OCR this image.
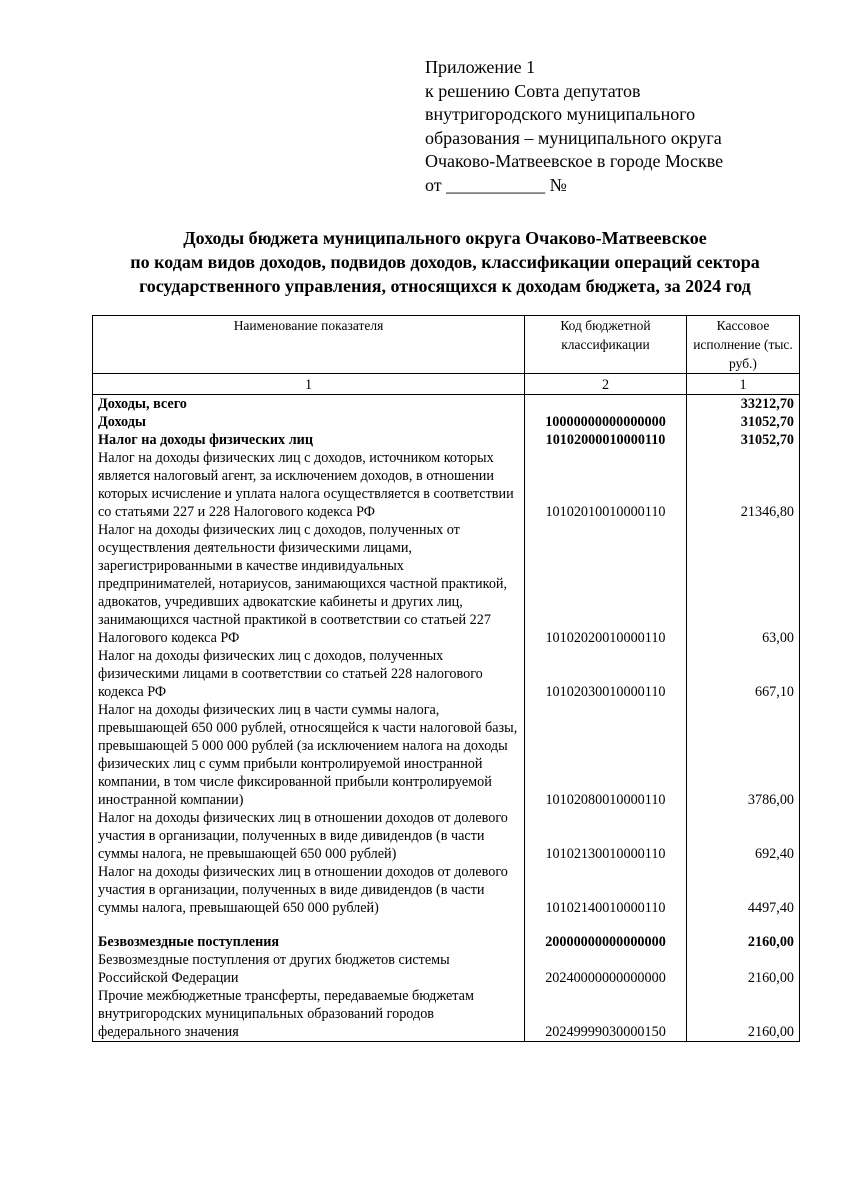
Приложение 1
к решению Совта депутатов
внутригородского муниципального
образования – муниципального округа
Очаково-Матвеевское в городе Москве
от ___________ №
Доходы бюджета муниципального округа Очаково-Матвеевское
по кодам видов доходов, подвидов доходов, классификации операций сектора
государственного управления, относящихся к доходам бюджета, за 2024 год
Наименование показателя	Код бюджетной классификации	Кассовое исполнение (тыс. руб.)
1	2	1
Доходы, всего		33212,70
Доходы	10000000000000000	31052,70
Налог на доходы физических лиц	10102000010000110	31052,70
Налог на доходы физических лиц с доходов, источником которых является налоговый агент, за исключением доходов, в отношении которых исчисление и уплата налога осуществляется в соответствии со статьями 227 и 228 Налогового кодекса РФ	10102010010000110	21346,80
Налог на доходы физических лиц с доходов, полученных от осуществления деятельности физическими лицами, зарегистрированными в качестве индивидуальных предпринимателей, нотариусов, занимающихся частной практикой, адвокатов, учредивших адвокатские кабинеты и других лиц, занимающихся частной практикой в соответствии со статьей 227 Налогового кодекса РФ	10102020010000110	63,00
Налог на доходы физических лиц с доходов, полученных физическими лицами в соответствии со статьей 228 налогового кодекса РФ	10102030010000110	667,10
Налог на доходы физических лиц в части суммы налога, превышающей 650 000 рублей, относящейся к части налоговой базы, превышающей 5 000 000 рублей (за исключением налога на доходы физических лиц с сумм прибыли контролируемой иностранной компании, в том числе фиксированной прибыли контролируемой иностранной компании)	10102080010000110	3786,00
Налог на доходы физических лиц в отношении доходов от долевого участия в организации, полученных в виде дивидендов (в части суммы налога, не превышающей 650 000 рублей)	10102130010000110	692,40
Налог на доходы физических лиц в отношении доходов от долевого участия в организации, полученных в виде дивидендов (в части суммы налога, превышающей 650 000 рублей)	10102140010000110	4497,40

Безвозмездные поступления	20000000000000000	2160,00
Безвозмездные поступления от других бюджетов системы Российской Федерации	20240000000000000	2160,00
Прочие межбюджетные трансферты, передаваемые бюджетам внутригородских муниципальных образований городов федерального значения	20249999030000150	2160,00
